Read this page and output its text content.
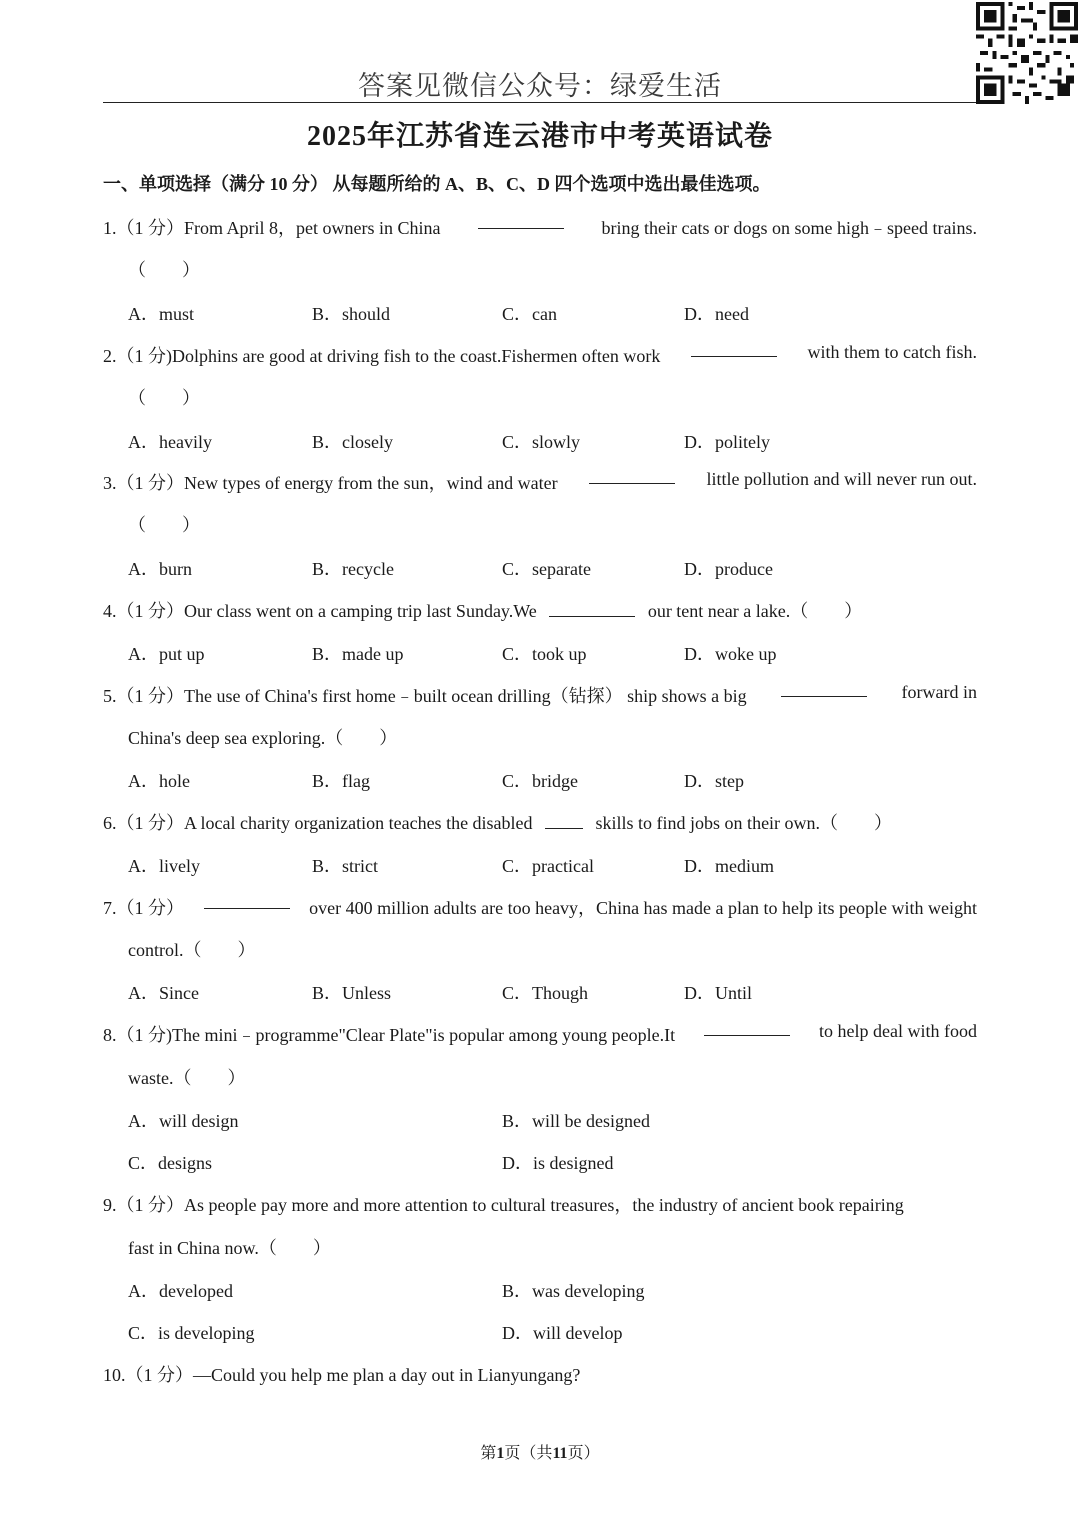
答案见微信公众号：绿爱生活
2025年江苏省连云港市中考英语试卷
一、单项选择（满分 10 分） 从每题所给的 A、B、C、D 四个选项中选出最佳选项。
1.（1 分）From April 8，pet owners in China	bring their cats or dogs on some high﹣speed trains.
（　　）
A．must	B．should	C．can	D．need
2.（1 分)Dolphins are good at driving fish to the coast.Fishermen often work	with them to catch fish.
（　　）
A．heavily	B．closely	C．slowly	D．politely
3.（1 分）New types of energy from the sun，wind and water	little pollution and will never run out.
（　　）
A．burn	B．recycle	C．separate	D．produce
4.（1 分）Our class went on a camping trip last Sunday.We	our tent near a lake.（　　）
A．put up	B．made up	C．took up	D．woke up
5.（1 分）The use of China's first home﹣built ocean drilling（钻探） ship shows a big	forward in
China's deep sea exploring.（　　）
A．hole	B．flag	C．bridge	D．step
6.（1 分）A local charity organization teaches the disabled	skills to find jobs on their own.（　　）
A．lively	B．strict	C．practical	D．medium
7.（1 分）	over 400 million adults are too heavy，China has made a plan to help its people with weight
control.（　　）
A．Since	B．Unless	C．Though	D．Until
8.（1 分)The mini﹣programme"Clear Plate"is popular among young people.It	to help deal with food
waste.（　　）
A．will design	B．will be designed
C．designs	D．is designed
9.（1 分）As people pay more and more attention to cultural treasures，the industry of ancient book repairing
fast in China now.（　　）
A．developed	B．was developing
C．is developing	D．will develop
10.（1 分）—Could you help me plan a day out in Lianyungang?
第1页（共11页）
